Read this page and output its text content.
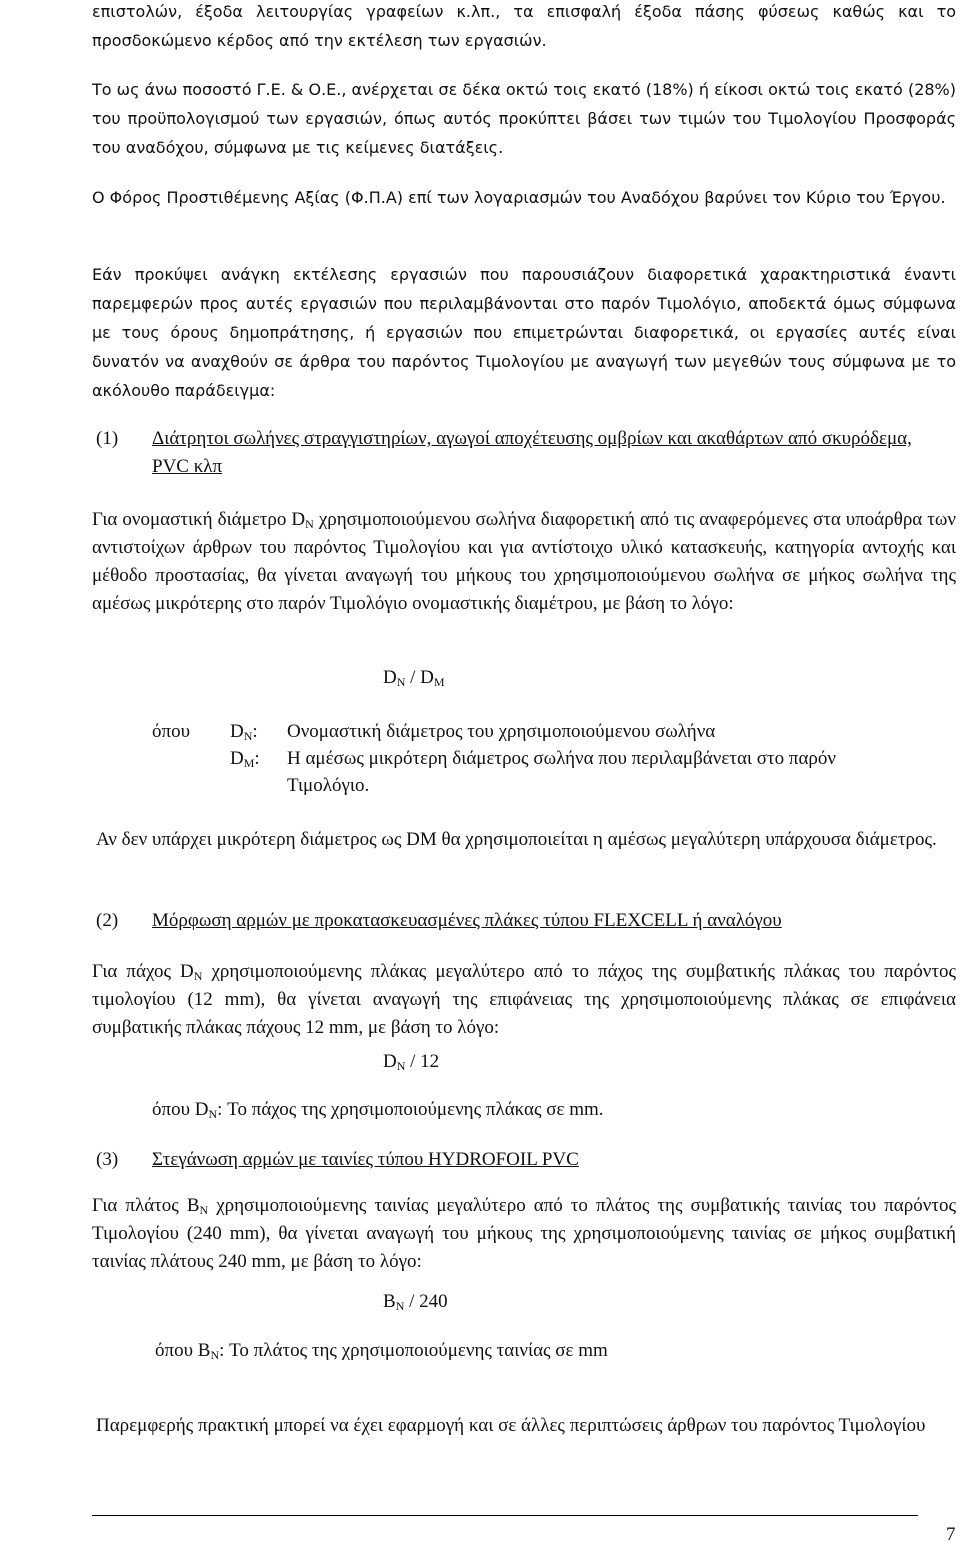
επιστολών, έξοδα λειτουργίας γραφείων κ.λπ., τα επισφαλή έξοδα πάσης φύσεως καθώς και το προσδοκώμενο κέρδος από την εκτέλεση των εργασιών.

Το ως άνω ποσοστό Γ.Ε. & Ο.Ε., ανέρχεται σε δέκα οκτώ τοις εκατό (18%) ή είκοσι οκτώ τοις εκατό (28%) του προϋπολογισμού των εργασιών, όπως αυτός προκύπτει βάσει των τιμών του Τιμολογίου Προσφοράς του αναδόχου, σύμφωνα με τις κείμενες διατάξεις.

Ο Φόρος Προστιθέμενης Αξίας (Φ.Π.Α) επί των λογαριασμών του Αναδόχου βαρύνει τον Κύριο του Έργου.

Εάν προκύψει ανάγκη εκτέλεσης εργασιών που παρουσιάζουν διαφορετικά χαρακτηριστικά έναντι παρεμφερών προς αυτές εργασιών που περιλαμβάνονται στο παρόν Τιμολόγιο, αποδεκτά όμως σύμφωνα με τους όρους δημοπράτησης, ή εργασιών που επιμετρώνται διαφορετικά, οι εργασίες αυτές είναι δυνατόν να αναχθούν σε άρθρα του παρόντος Τιμολογίου με αναγωγή των μεγεθών τους σύμφωνα με το ακόλουθο παράδειγμα:

(1) Διάτρητοι σωλήνες στραγγιστηρίων, αγωγοί αποχέτευσης ομβρίων και ακαθάρτων από σκυρόδεμα, PVC κλπ

Για ονομαστική διάμετρο $D_N$ χρησιμοποιούμενου σωλήνα διαφορετική από τις αναφερόμενες στα υποάρθρα των αντιστοίχων άρθρων του παρόντος Τιμολογίου και για αντίστοιχο υλικό κατασκευής, κατηγορία αντοχής και μέθοδο προστασίας, θα γίνεται αναγωγή του μήκους του χρησιμοποιούμενου σωλήνα σε μήκος σωλήνα της αμέσως μικρότερης στο παρόν Τιμολόγιο ονομαστικής διαμέτρου, με βάση το λόγο:

$D_N / D_M$
όπου $D_N$: Ονομαστική διάμετρος του χρησιμοποιούμενου σωλήνα
$D_M$: Η αμέσως μικρότερη διάμετρος σωλήνα που περιλαμβάνεται στο παρόν
Τιμολόγιο.

Αν δεν υπάρχει μικρότερη διάμετρος ως DM θα χρησιμοποιείται η αμέσως μεγαλύτερη υπάρχουσα διάμετρος.

(2) Μόρφωση αρμών με προκατασκευασμένες πλάκες τύπου FLEXCELL ή αναλόγου

Για πάχος $D_N$ χρησιμοποιούμενης πλάκας μεγαλύτερο από το πάχος της συμβατικής πλάκας του παρόντος τιμολογίου (12 mm), θα γίνεται αναγωγή της επιφάνειας της χρησιμοποιούμενης πλάκας σε επιφάνεια συμβατικής πλάκας πάχους 12 mm, με βάση το λόγο:

$D_N / 12$
όπου $D_N$: Το πάχος της χρησιμοποιούμενης πλάκας σε mm.
(3) Στεγάνωση αρμών με ταινίες τύπου HYDROFOIL PVC

Για πλάτος $B_N$ χρησιμοποιούμενης ταινίας μεγαλύτερο από το πλάτος της συμβατικής ταινίας του παρόντος Τιμολογίου (240 mm), θα γίνεται αναγωγή του μήκους της χρησιμοποιούμενης ταινίας σε μήκος συμβατική ταινίας πλάτους 240 mm, με βάση το λόγο:

$B_N / 240$
όπου $B_N$: Το πλάτος της χρησιμοποιούμενης ταινίας σε mm

Παρεμφερής πρακτική μπορεί να έχει εφαρμογή και σε άλλες περιπτώσεις άρθρων του παρόντος Τιμολογίου

7
